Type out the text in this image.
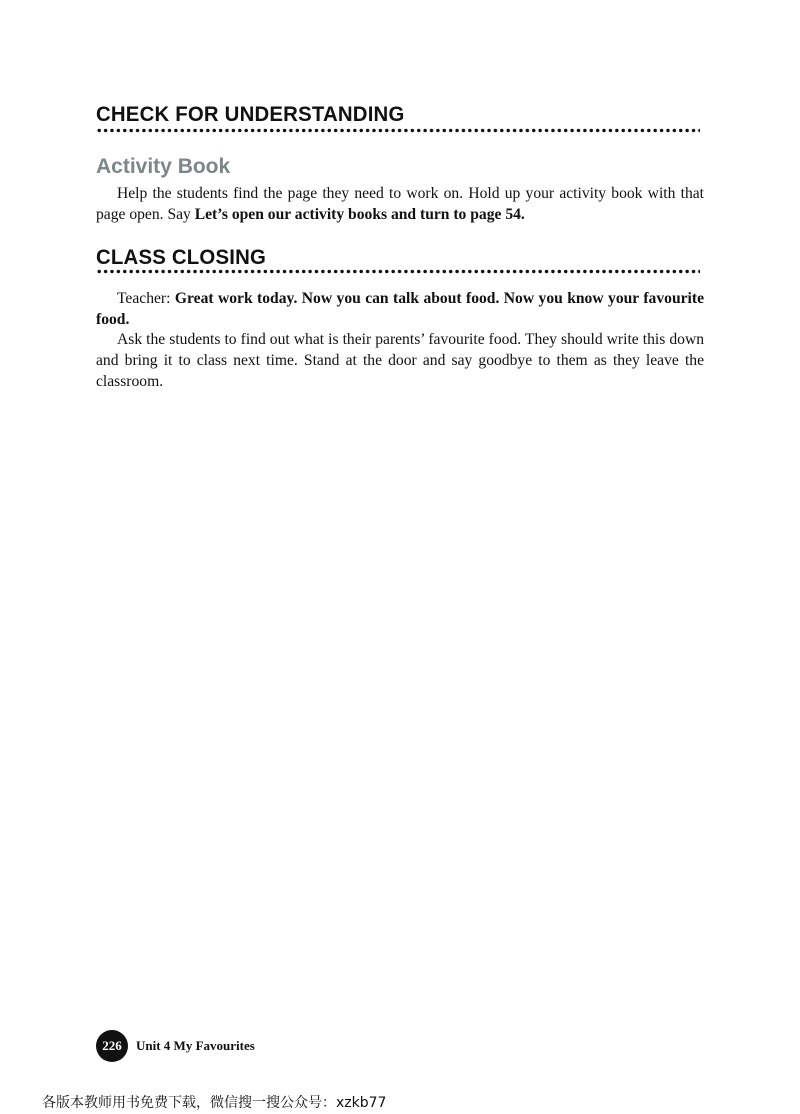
CHECK FOR UNDERSTANDING
Activity Book

Help the students find the page they need to work on. Hold up your activity book with that page open. Say Let’s open our activity books and turn to page 54.

CLASS CLOSING

Teacher: Great work today. Now you can talk about food. Now you know your favourite food.

Ask the students to find out what is their parents’ favourite food. They should write this down and bring it to class next time. Stand at the door and say goodbye to them as they leave the classroom.

226	Unit 4 My Favourites
各版本教师用书免费下载，微信搜一搜公众号：xzkb77
